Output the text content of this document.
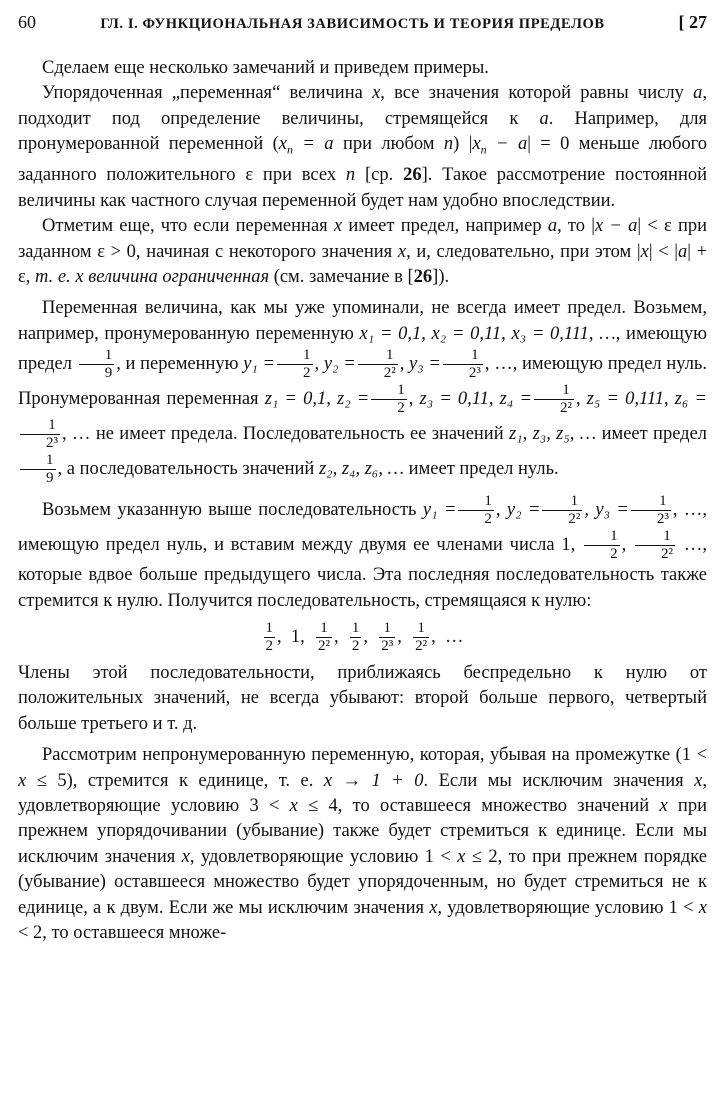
60	ГЛ. I. ФУНКЦИОНАЛЬНАЯ ЗАВИСИМОСТЬ И ТЕОРИЯ ПРЕДЕЛОВ	[ 27

Сделаем еще несколько замечаний и приведем примеры.

Упорядоченная „переменная“ величина x, все значения которой равны числу a, подходит под определение величины, стремящейся к a. Например, для пронумерованной переменной ($x_n = a$ при любом n) $|x_n - a| = 0$ меньше любого заданного положительного ε при всех n [ср. 26]. Такое рассмотрение постоянной величины как частного случая переменной будет нам удобно впоследствии.

Отметим еще, что если переменная x имеет предел, например a, то |x − a| < ε при заданном ε > 0, начиная с некоторого значения x, и, следовательно, при этом |x| < |a| + ε, т. е. x величина ограниченная (см. замечание в [26]).

Переменная величина, как мы уже упоминали, не всегда имеет предел. Возьмем, например, пронумерованную переменную x₁ = 0,1, x₂ = 0,11, x₃ = 0,111, …, имеющую предел $\frac{1}{9}$ , и переменную $y_1 = \frac{1}{2}$ , $y_2 = \frac{1}{\text{2²}}$ , $y_3 = \frac{1}{\text{2³}}$ , …, имеющую предел нуль. Пронумерованная переменная z₁ = 0,1, $z_2 = \frac{1}{2}$ , z₃ = 0,11, $z_4 = \frac{1}{\text{2²}}$ , z₅ = 0,111, z₆ =
$\frac{1}{\text{2³}}$ , … не имеет предела. Последовательность ее значений z₁, z₃, z₅, … имеет предел
$\frac{1}{9}$ , а последовательность значений z₂, z₄, z₆, … имеет предел нуль.

Возьмем указанную выше последовательность $y_1 = \frac{1}{2}$ , $y_2 = \frac{1}{\text{2²}}$ , $y_3 = \frac{1}{\text{2³}}$ , …, имеющую предел нуль, и вставим между двумя ее членами числа 1, $\frac{1}{2}$ , $\frac{1}{\text{2²}}$ …, которые вдвое больше предыдущего числа. Эта последняя последовательность также стремится к нулю. Получится последовательность, стремящаяся к нулю:

$\frac{1}{2}$ , 1, $\frac{1}{\text{2²}}$ , $\frac{1}{2}$ , $\frac{1}{\text{2³}}$ , $\frac{1}{\text{2²}}$ ,  …

Члены этой последовательности, приближаясь беспредельно к нулю от положительных значений, не всегда убывают: второй больше первого, четвертый больше третьего и т. д.

Рассмотрим непронумерованную переменную, которая, убывая на промежутке (1 < x ≤ 5), стремится к единице, т. е. x → 1 + 0. Если мы исключим значения x, удовлетворяющие условию 3 < x ≤ 4, то оставшееся множество значений x при прежнем упорядочивании (убывание) также будет стремиться к единице. Если мы исключим значения x, удовлетворяющие условию 1 < x ≤ 2, то при прежнем порядке (убывание) оставшееся множество будет упорядоченным, но будет стремиться не к единице, а к двум. Если же мы исключим значения x, удовлетворяющие условию 1 < x < 2, то оставшееся множе-
